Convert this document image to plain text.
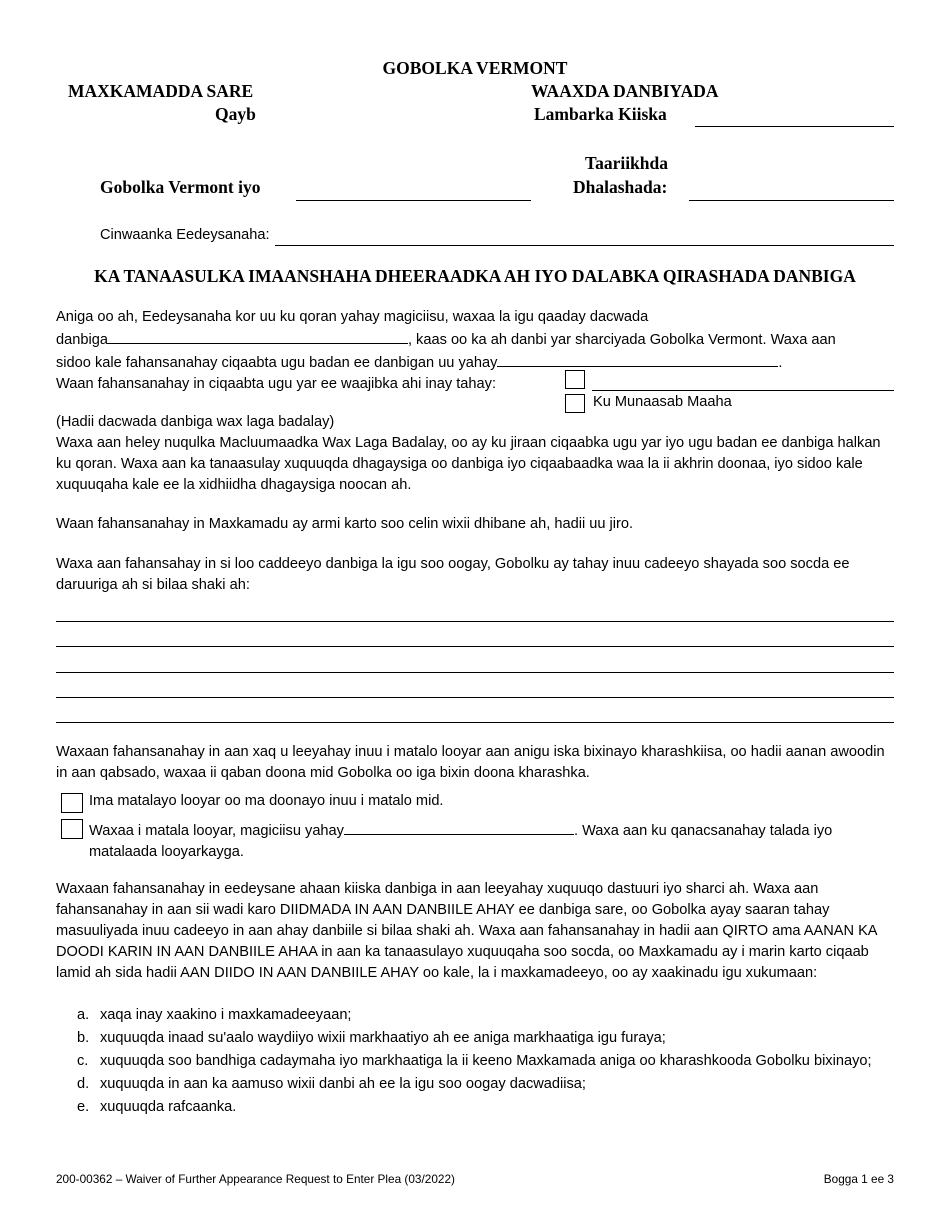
GOBOLKA VERMONT
MAXKAMADDA SARE	WAAXDA DANBIYADA
Qayb	Lambarka Kiiska
Taariikhda
Dhalashada:
Gobolka Vermont iyo
Cinwaanka Eedeysanaha:
KA TANAASULKA IMAANSHAHA DHEERAADKA AH IYO DALABKA QIRASHADA DANBIGA
Aniga oo ah, Eedeysanaha kor uu ku qoran yahay magiciisu, waxaa la igu qaaday dacwada
danbiga	, kaas oo ka ah danbi yar sharciyada Gobolka Vermont. Waxa aan
sidoo kale fahansanahay ciqaabta ugu badan ee danbigan uu yahay	.
Waan fahansanahay in ciqaabta ugu yar ee waajibka ahi inay tahay:
Ku Munaasab Maaha
(Hadii dacwada danbiga wax laga badalay)
Waxa aan heley nuqulka Macluumaadka Wax Laga Badalay, oo ay ku jiraan ciqaabka ugu yar iyo ugu badan ee danbiga halkan ku qoran. Waxa aan ka tanaasulay xuquuqda dhagaysiga oo danbiga iyo ciqaabaadka waa la ii akhrin doonaa, iyo sidoo kale xuquuqaha kale ee la xidhiidha dhagaysiga noocan ah.
Waan fahansanahay in Maxkamadu ay armi karto soo celin wixii dhibane ah, hadii uu jiro.
Waxa aan fahansahay in si loo caddeeyo danbiga la igu soo oogay, Gobolku ay tahay inuu cadeeyo shayada soo socda ee daruuriga ah si bilaa shaki ah:
Waxaan fahansanahay in aan xaq u leeyahay inuu i matalo looyar aan anigu iska bixinayo kharashkiisa, oo hadii aanan awoodin in aan qabsado, waxaa ii qaban doona mid Gobolka oo iga bixin doona kharashka.
Ima matalayo looyar oo ma doonayo inuu i matalo mid.
Waxaa i matala looyar, magiciisu yahay	. Waxa aan ku qanacsanahay talada iyo
matalaada looyarkayga.
Waxaan fahansanahay in eedeysane ahaan kiiska danbiga in aan leeyahay xuquuqo dastuuri iyo sharci ah. Waxa aan fahansanahay in aan sii wadi karo DIIDMADA IN AAN DANBIILE AHAY ee danbiga sare, oo Gobolka ayay saaran tahay masuuliyada inuu cadeeyo in aan ahay danbiile si bilaa shaki ah. Waxa aan fahansanahay in hadii aan QIRTO ama AANAN KA DOODI KARIN IN AAN DANBIILE AHAA in aan ka tanaasulayo xuquuqaha soo socda, oo Maxkamadu ay i marin karto ciqaab lamid ah sida hadii AAN DIIDO IN AAN DANBIILE AHAY oo kale, la i maxkamadeeyo, oo ay xaakinadu igu xukumaan:
a. xaqa inay xaakino i maxkamadeeyaan;
b. xuquuqda inaad su'aalo waydiiyo wixii markhaatiyo ah ee aniga markhaatiga igu furaya;
c. xuquuqda soo bandhiga cadaymaha iyo markhaatiga la ii keeno Maxkamada aniga oo kharashkooda Gobolku bixinayo;
d. xuquuqda in aan ka aamuso wixii danbi ah ee la igu soo oogay dacwadiisa;
e. xuquuqda rafcaanka.
200-00362 – Waiver of Further Appearance Request to Enter Plea (03/2022)	Bogga 1 ee 3
